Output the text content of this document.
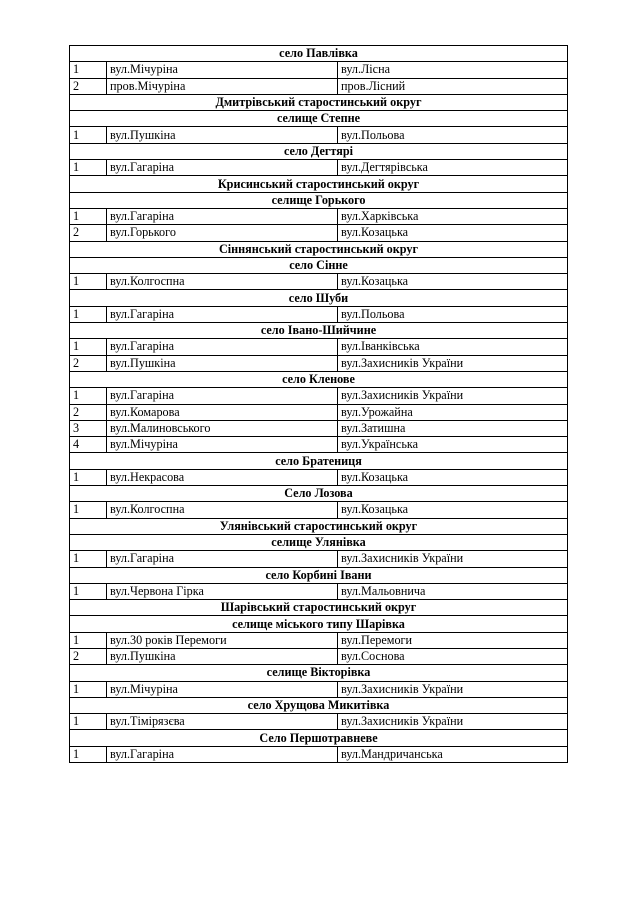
село Павлівка		
1	вул.Мічуріна	вул.Лісна
2	пров.Мічуріна	пров.Лісний
Дмитрівський старостинський округ		
селище Степне		
1	вул.Пушкіна	вул.Польова
село Дегтярі		
1	вул.Гагаріна	вул.Дегтярівська
Крисинський старостинський округ		
селище Горького		
1	вул.Гагаріна	вул.Харківська
2	вул.Горького	вул.Козацька
Сіннянський старостинський округ		
село Сінне		
1	вул.Колгоспна	вул.Козацька
село Шуби		
1	вул.Гагаріна	вул.Польова
село Івано-Шийчине		
1	вул.Гагаріна	вул.Іванківська
2	вул.Пушкіна	вул.Захисників України
село Кленове		
1	вул.Гагаріна	вул.Захисників України
2	вул.Комарова	вул.Урожайна
3	вул.Малиновського	вул.Затишна
4	вул.Мічуріна	вул.Українська
село Братениця		
1	вул.Некрасова	вул.Козацька
Село Лозова		
1	вул.Колгоспна	вул.Козацька
Улянівський старостинський округ		
селище Улянівка		
1	вул.Гагаріна	вул.Захисників України
село Корбині Івани		
1	вул.Червона Гірка	вул.Мальовнича
Шарівський старостинський округ		
селище міського типу Шарівка		
1	вул.30 років Перемоги	вул.Перемоги
2	вул.Пушкіна	вул.Соснова
селище Вікторівка		
1	вул.Мічуріна	вул.Захисників України
село Хрущова Микитівка		
1	вул.Тімірязєва	вул.Захисників України
Село Першотравневе		
1	вул.Гагаріна	вул.Мандричанська
